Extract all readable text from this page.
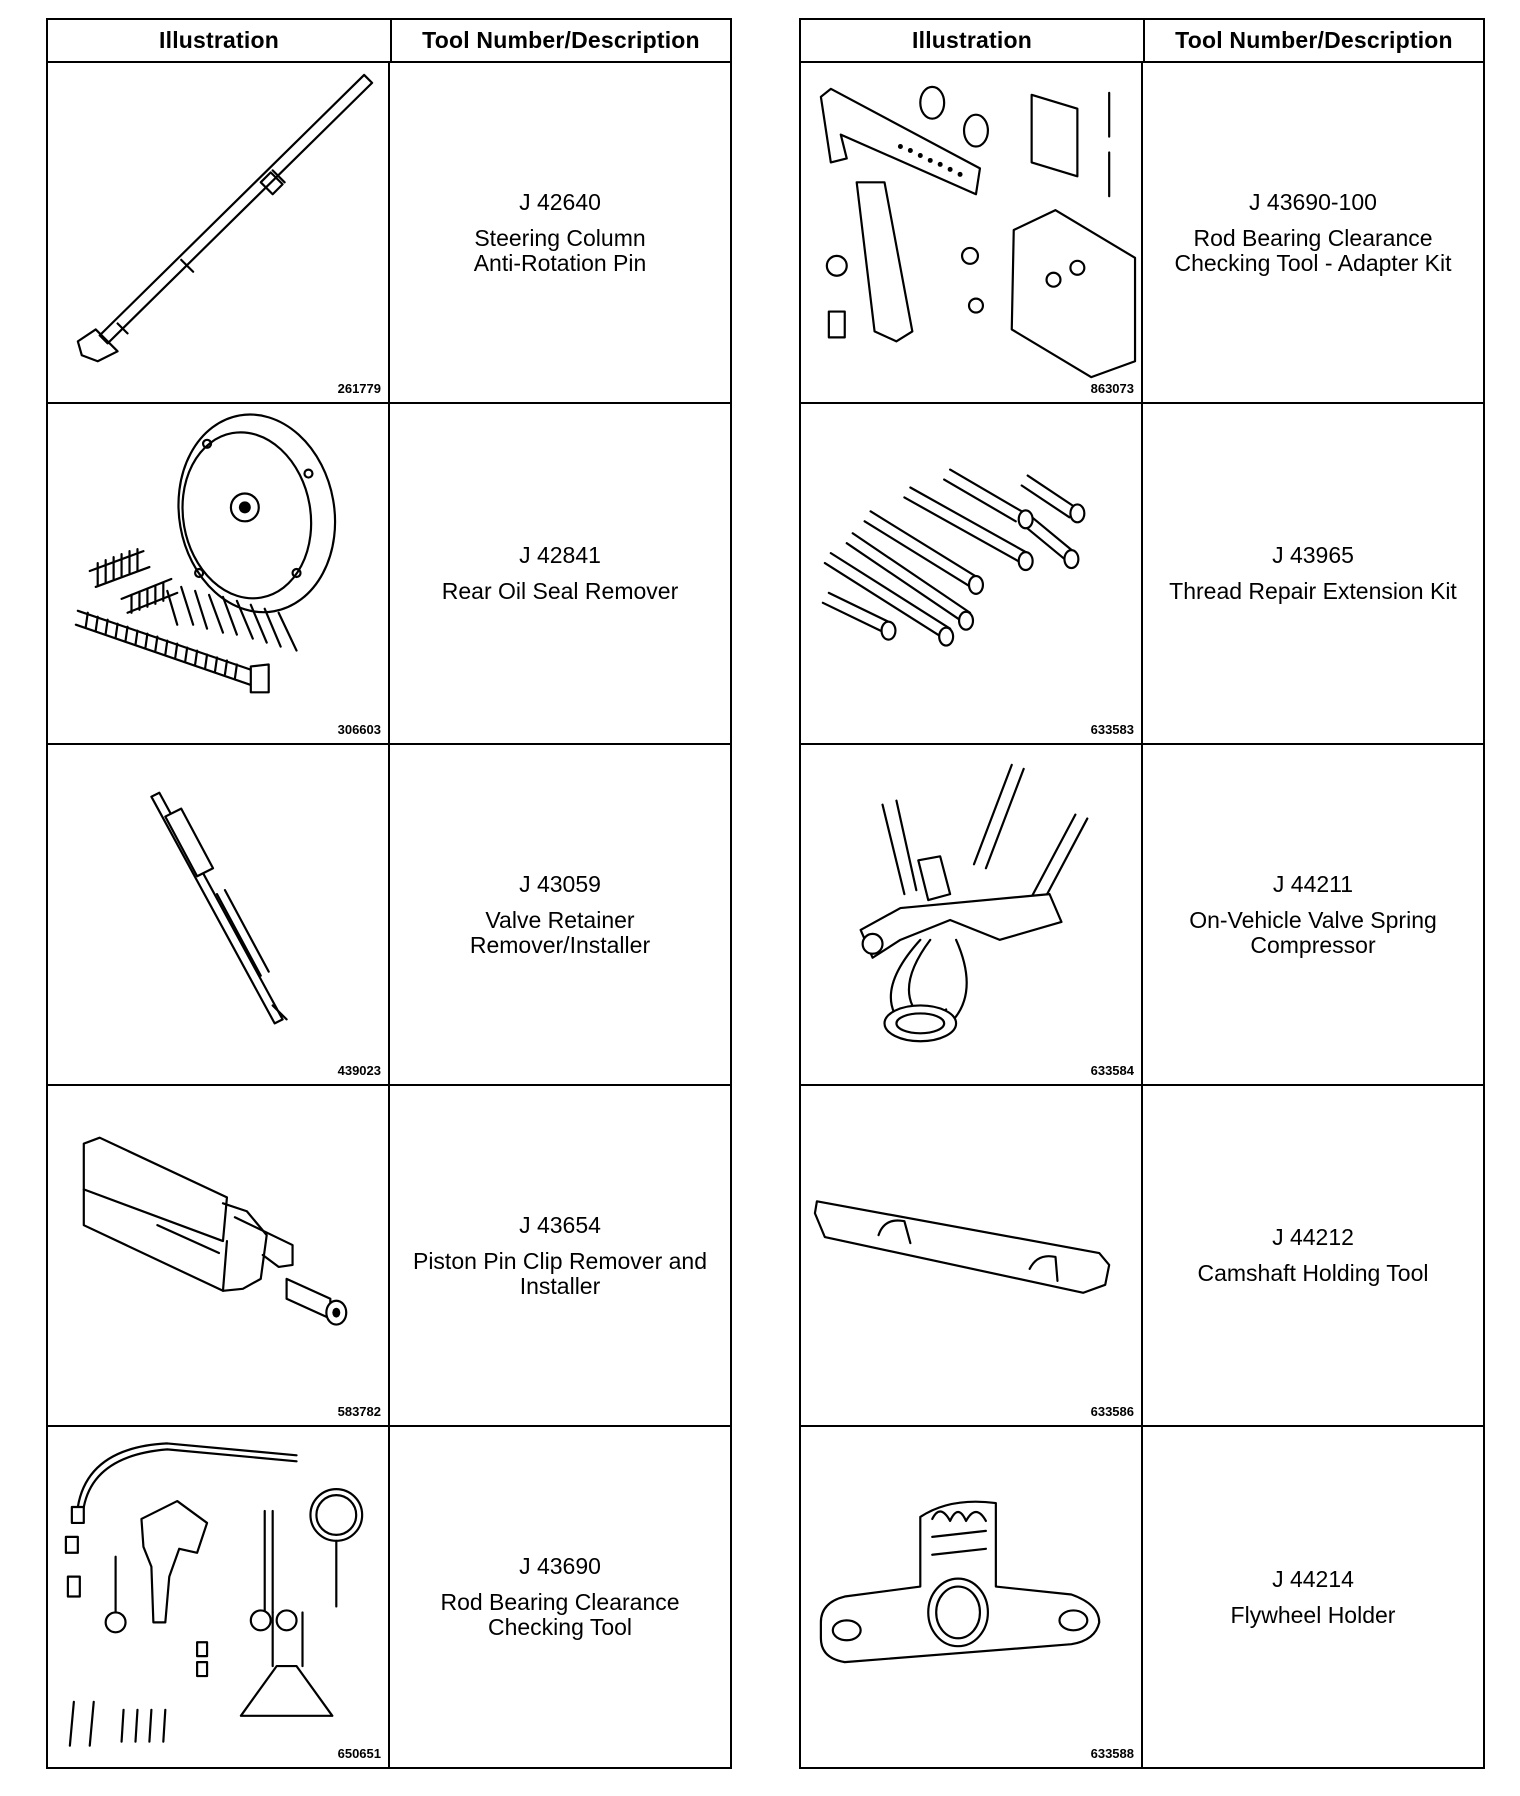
Illustration	Tool Number/Description
261779
J 42640
Steering Column
Anti-Rotation Pin
306603
J 42841
Rear Oil Seal Remover
439023
J 43059
Valve Retainer
Remover/Installer
583782
J 43654
Piston Pin Clip Remover and
Installer
650651
J 43690
Rod Bearing Clearance
Checking Tool
Illustration	Tool Number/Description
863073
J 43690-100
Rod Bearing Clearance
Checking Tool - Adapter Kit
633583
J 43965
Thread Repair Extension Kit
633584
J 44211
On-Vehicle Valve Spring
Compressor
633586
J 44212
Camshaft Holding Tool
633588
J 44214
Flywheel Holder
